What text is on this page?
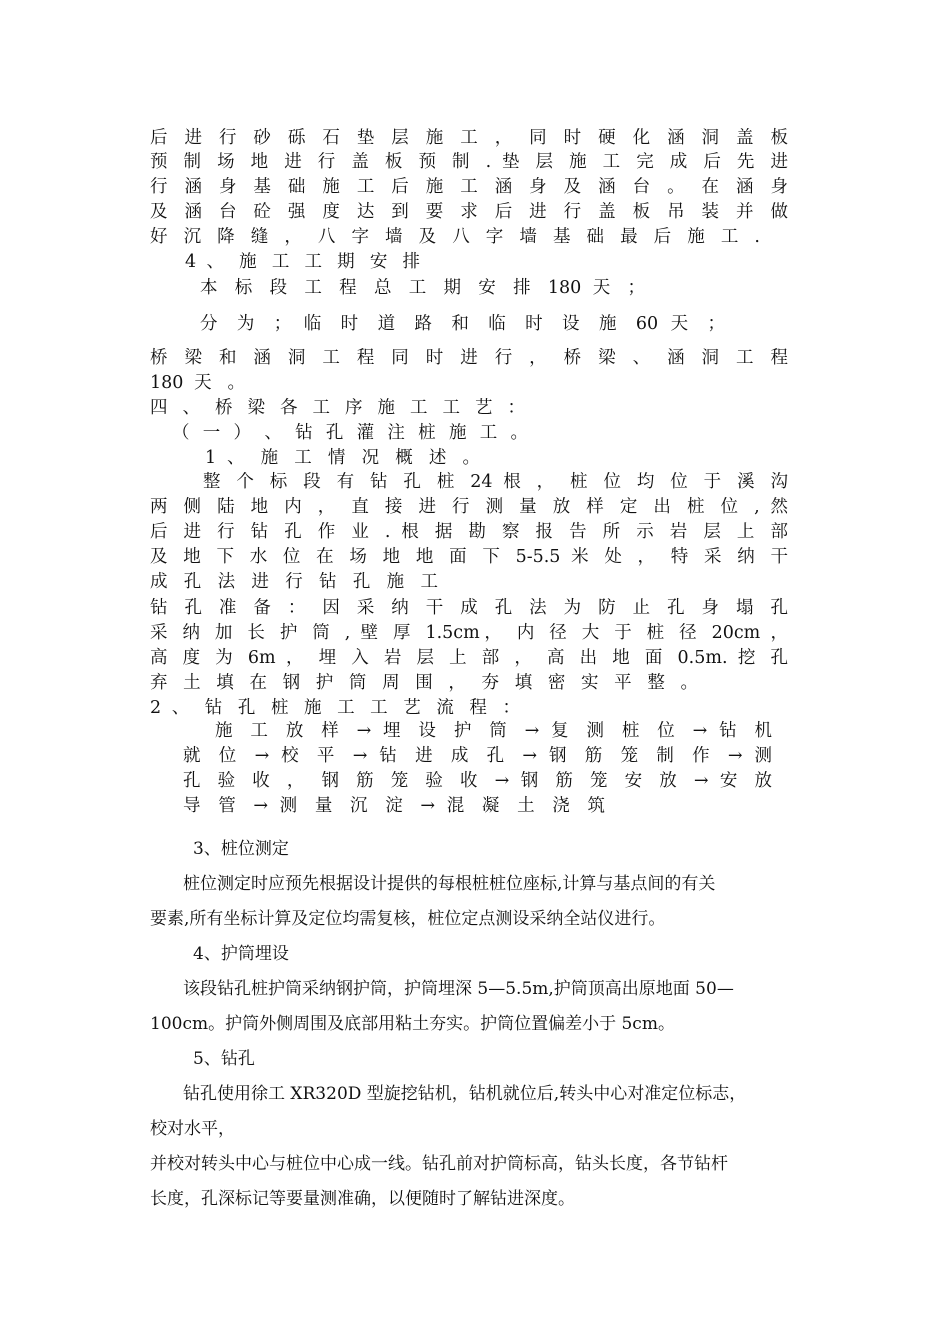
后 进 行 砂 砾 石 垫 层 施 工 ， 同 时 硬 化 涵 洞 盖 板
预 制 场 地 进 行 盖 板 预 制 . 垫 层 施 工 完 成 后 先 进
行 涵 身 基 础 施 工 后 施 工 涵 身 及 涵 台 。 在 涵 身
及 涵 台 砼 强 度 达 到 要 求 后 进 行 盖 板 吊 装 并 做
好 沉 降 缝 ， 八 字 墙 及 八 字 墙 基 础 最 后 施 工 .
4 、 施 工 工 期 安 排
本 标 段 工 程 总 工 期 安 排 180 天 ；
分 为 ； 临 时 道 路 和 临 时 设 施 60 天 ；
桥 梁 和 涵 洞 工 程 同 时 进 行 ， 桥 梁 、 涵 洞 工 程
180 天 。
四 、 桥 梁 各 工 序 施 工 工 艺 ：
（ 一 ） 、 钻 孔 灌 注 桩 施 工 。
1 、 施 工 情 况 概 述 。
整 个 标 段 有 钻 孔 桩 24 根 ， 桩 位 均 位 于 溪 沟
两 侧 陆 地 内 ， 直 接 进 行 测 量 放 样 定 出 桩 位 , 然
后 进 行 钻 孔 作 业 . 根 据 勘 察 报 告 所 示 岩 层 上 部
及 地 下 水 位 在 场 地 地 面 下 5-5.5 米 处 ， 特 采 纳 干
成 孔 法 进 行 钻 孔 施 工
钻 孔 准 备 ： 因 采 纳 干 成 孔 法 为 防 止 孔 身 塌 孔
采 纳 加 长 护 筒 , 壁 厚 1.5cm， 内 径 大 于 桩 径 20cm ，
高 度 为 6m ， 埋 入 岩 层 上 部 ， 高 出 地 面 0.5m. 挖 孔
弃 土 填 在 钢 护 筒 周 围 ， 夯 填 密 实 平 整 。
2 、 钻 孔 桩 施 工 工 艺 流 程 ：
施 工 放 样 → 埋 设 护 筒 → 复 测 桩 位 → 钻 机
就 位 → 校 平 → 钻 进 成 孔 → 钢 筋 笼 制 作 → 测
孔 验 收 ， 钢 筋 笼 验 收 → 钢 筋 笼 安 放 → 安 放
导 管 → 测 量 沉 淀 → 混 凝 土 浇 筑
3、桩位测定
桩位测定时应预先根据设计提供的每根桩桩位座标,计算与基点间的有关
要素,所有坐标计算及定位均需复核，桩位定点测设采纳全站仪进行。
4、护筒埋设
该段钻孔桩护筒采纳钢护筒，护筒埋深 5—5.5m,护筒顶高出原地面 50—
100cm。护筒外侧周围及底部用粘土夯实。护筒位置偏差小于 5cm。
5、钻孔
钻孔使用徐工 XR320D 型旋挖钻机，钻机就位后,转头中心对准定位标志，
校对水平，
并校对转头中心与桩位中心成一线。钻孔前对护筒标高，钻头长度，各节钻杆
长度，孔深标记等要量测准确，以便随时了解钻进深度。
